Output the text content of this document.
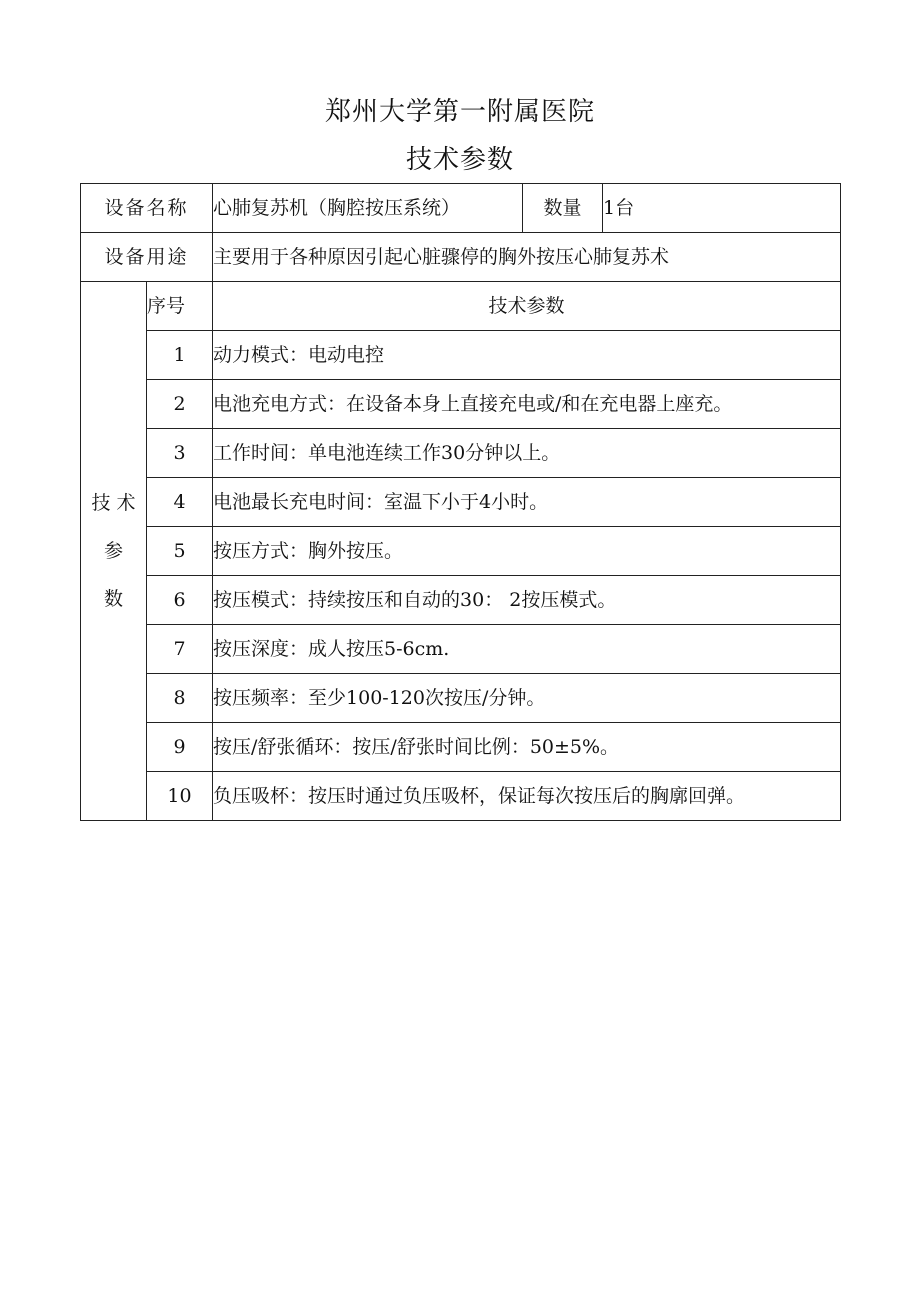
郑州大学第一附属医院
技术参数
设备名称		心肺复苏机（胸腔按压系统）	数量	1台
设备用途		主要用于各种原因引起心脏骤停的胸外按压心肺复苏术		
技 术
参
数	序号	技术参数		
	1	动力模式：电动电控		
	2	电池充电方式：在设备本身上直接充电或/和在充电器上座充。		
	3	工作时间：单电池连续工作30分钟以上。		
	4	电池最长充电时间：室温下小于4小时。		
	5	按压方式：胸外按压。		
	6	按压模式：持续按压和自动的30： 2按压模式。		
	7	按压深度：成人按压5-6cm.		
	8	按压频率：至少100-120次按压/分钟。		
	9	按压/舒张循环：按压/舒张时间比例：50±5%。		
	10	负压吸杯：按压时通过负压吸杯，保证每次按压后的胸廓回弹。		
